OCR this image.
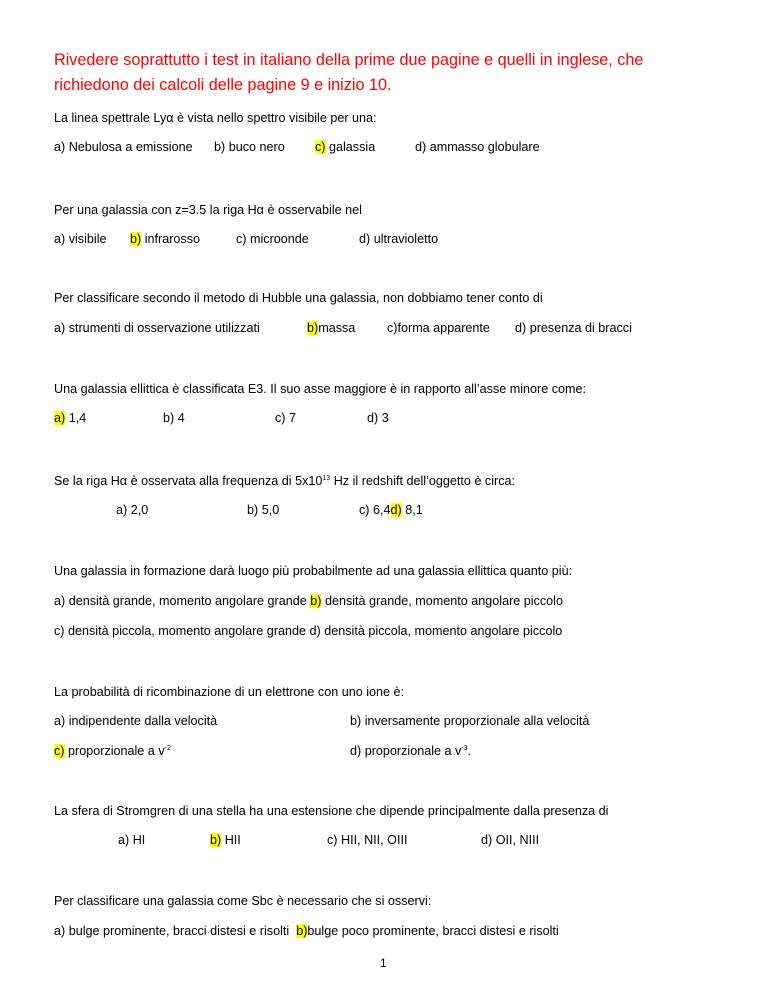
Rivedere soprattutto i test in italiano della prime due pagine e quelli in inglese, che
richiedono dei calcoli delle pagine 9 e inizio 10.
La linea spettrale Lyα è vista nello spettro visibile per una:
a) Nebulosa a emissione b) buco nero c) galassia	d) ammasso globulare
Per una galassia con z=3.5 la riga Hα è osservabile nel
a) visibile b) infrarosso	c) microonde	d) ultravioletto
Per classificare secondo il metodo di Hubble una galassia, non dobbiamo tener conto di
a) strumenti di osservazione utilizzati	b)massa	c)forma apparente d) presenza di bracci
Una galassia ellittica è classificata E3. Il suo asse maggiore è in rapporto all’asse minore come:
a) 1,4	b) 4	c) 7	d) 3
Se la riga Hα è osservata alla frequenza di $5x10^{13}$ Hz il redshift dell’oggetto è circa:
a) 2,0	b) 5,0	c) 6,4d) 8,1
Una galassia in formazione darà luogo più probabilmente ad una galassia ellittica quanto più:
a) densità grande, momento angolare grande b) densità grande, momento angolare piccolo
c) densità piccola, momento angolare grande d) densità piccola, momento angolare piccolo
La probabilità di ricombinazione di un elettrone con uno ione è:
a) indipendente dalla velocità	b) inversamente proporzionale alla velocità
c) proporzionale a $v^{-2}$	d) proporzionale a $v^{-3}$.
La sfera di Stromgren di una stella ha una estensione che dipende principalmente dalla presenza di
a) HI	b) HII	c) HII, NII, OIII	d) OII, NIII
Per classificare una galassia come Sbc è necessario che si osservi:
a) bulge prominente, bracci distesi e risolti b)bulge poco prominente, bracci distesi e risolti
1
